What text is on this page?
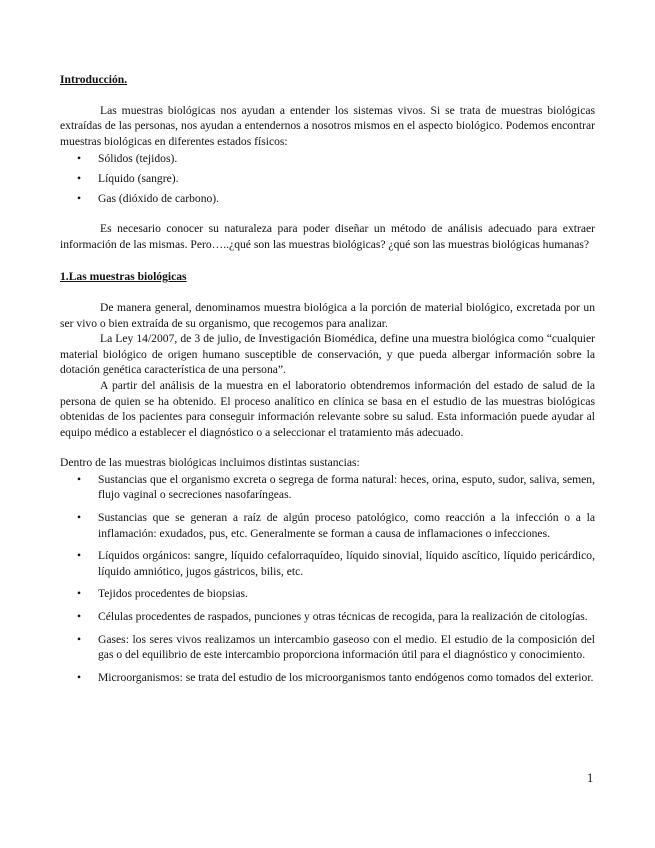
Introducción.

Las muestras biológicas nos ayudan a entender los sistemas vivos. Si se trata de muestras biológicas extraídas de las personas, nos ayudan a entendernos a nosotros mismos en el aspecto biológico. Podemos encontrar muestras biológicas en diferentes estados físicos:

• Sólidos (tejidos).
• Líquido (sangre).
• Gas (dióxido de carbono).

Es necesario conocer su naturaleza para poder diseñar un método de análisis adecuado para extraer información de las mismas. Pero…..¿qué son las muestras biológicas? ¿qué son las muestras biológicas humanas?

1.Las muestras biológicas

De manera general, denominamos muestra biológica a la porción de material biológico, excretada por un ser vivo o bien extraída de su organismo, que recogemos para analizar.

La Ley 14/2007, de 3 de julio, de Investigación Biomédica, define una muestra biológica como “cualquier material biológico de origen humano susceptible de conservación, y que pueda albergar información sobre la dotación genética característica de una persona”.

A partir del análisis de la muestra en el laboratorio obtendremos información del estado de salud de la persona de quien se ha obtenido. El proceso analítico en clínica se basa en el estudio de las muestras biológicas obtenidas de los pacientes para conseguir información relevante sobre su salud. Esta información puede ayudar al equipo médico a establecer el diagnóstico o a seleccionar el tratamiento más adecuado.

Dentro de las muestras biológicas incluimos distintas sustancias:

• Sustancias que el organismo excreta o segrega de forma natural: heces, orina, esputo, sudor, saliva, semen, flujo vaginal o secreciones nasofaríngeas.
• Sustancias que se generan a raíz de algún proceso patológico, como reacción a la infección o a la inflamación: exudados, pus, etc. Generalmente se forman a causa de inflamaciones o infecciones.
• Líquidos orgánicos: sangre, líquido cefalorraquídeo, líquido sinovial, líquido ascítico, líquido pericárdico, líquido amniótico, jugos gástricos, bilis, etc.
• Tejidos procedentes de biopsias.
• Células procedentes de raspados, punciones y otras técnicas de recogida, para la realización de citologías.
• Gases: los seres vivos realizamos un intercambio gaseoso con el medio. El estudio de la composición del gas o del equilibrio de este intercambio proporciona información útil para el diagnóstico y conocimiento.
• Microorganismos: se trata del estudio de los microorganismos tanto endógenos como tomados del exterior.
1
